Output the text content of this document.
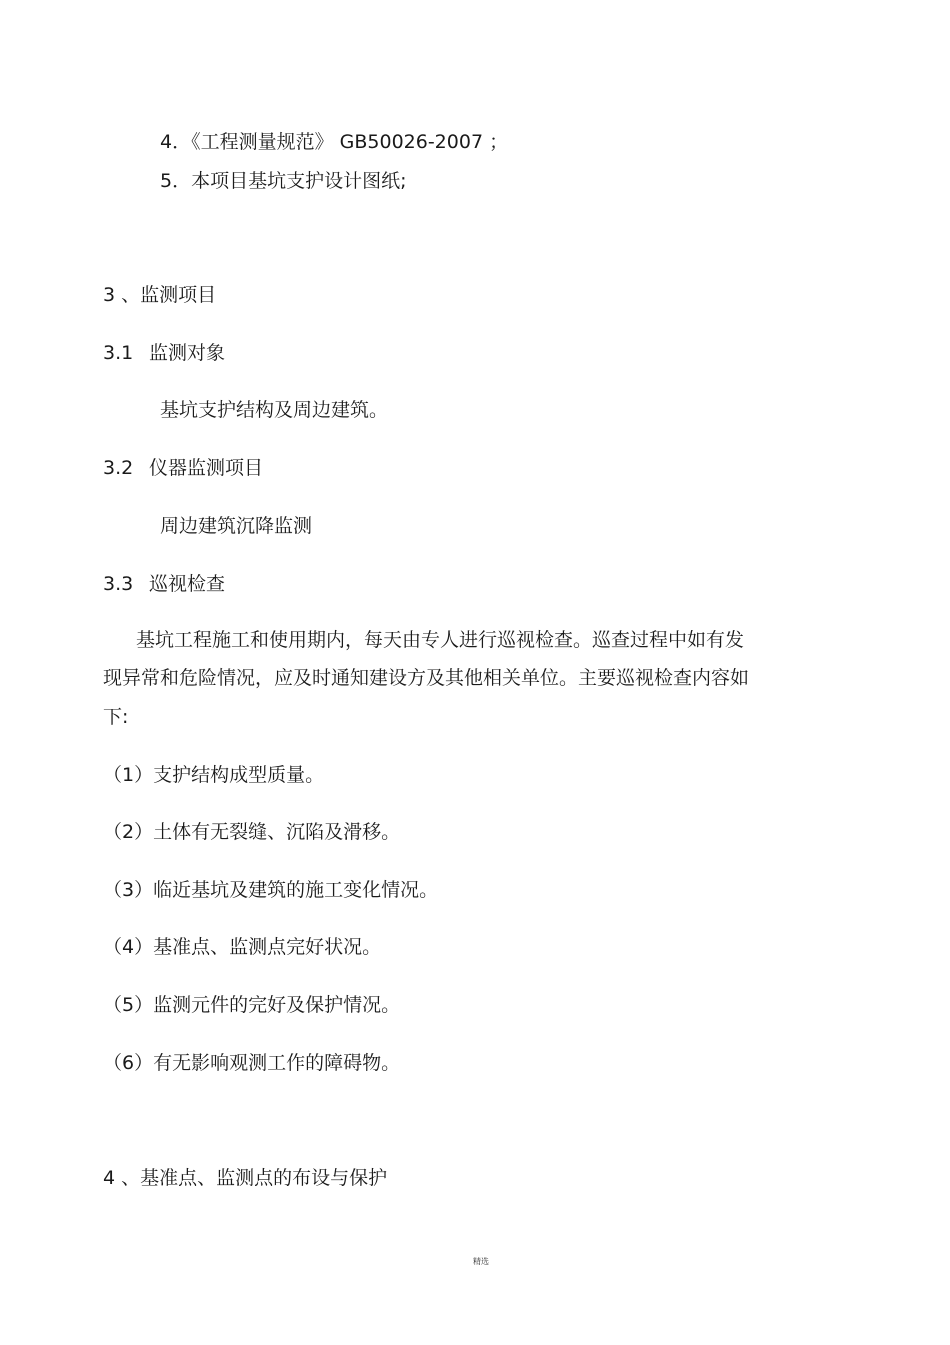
4．《工程测量规范》 GB50026-2007 ；
5．本项目基坑支护设计图纸;
3 、监测项目
3.1 监测对象
基坑支护结构及周边建筑。
3.2 仪器监测项目
周边建筑沉降监测
3.3 巡视检查
基坑工程施工和使用期内，每天由专人进行巡视检查。巡查过程中如有发
现异常和危险情况，应及时通知建设方及其他相关单位。主要巡视检查内容如
下:
（1）支护结构成型质量。
（2）土体有无裂缝、沉陷及滑移。
（3）临近基坑及建筑的施工变化情况。
（4）基准点、监测点完好状况。
（5）监测元件的完好及保护情况。
（6）有无影响观测工作的障碍物。
4 、基准点、监测点的布设与保护
精选
